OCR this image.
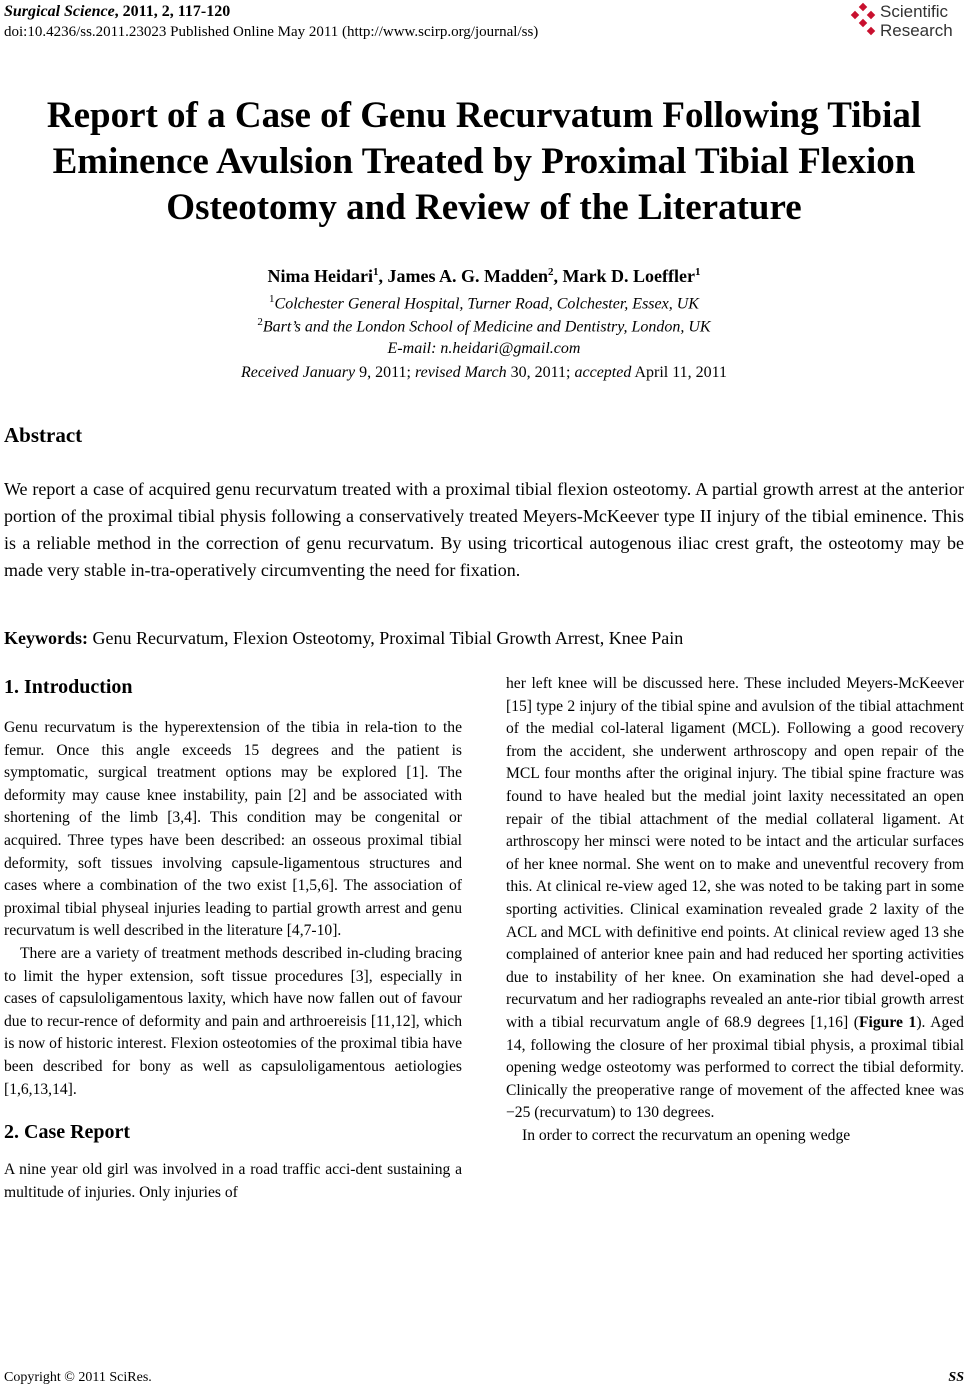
Surgical Science, 2011, 2, 117-120
doi:10.4236/ss.2011.23023 Published Online May 2011 (http://www.scirp.org/journal/ss)
Scientific
Research
Report of a Case of Genu Recurvatum Following Tibial
Eminence Avulsion Treated by Proximal Tibial Flexion
Osteotomy and Review of the Literature
Nima Heidari$^1$, James A. G. Madden$^2$, Mark D. Loeffler$^1$
$^1$Colchester General Hospital, Turner Road, Colchester, Essex, UK
$^2$Bart’s and the London School of Medicine and Dentistry, London, UK
E-mail: n.heidari@gmail.com
Received January 9, 2011; revised March 30, 2011; accepted April 11, 2011
Abstract

We report a case of acquired genu recurvatum treated with a proximal tibial flexion osteotomy. A partial growth arrest at the anterior portion of the proximal tibial physis following a conservatively treated Meyers-McKeever type II injury of the tibial eminence. This is a reliable method in the correction of genu recurvatum. By using tricortical autogenous iliac crest graft, the osteotomy may be made very stable in-tra-operatively circumventing the need for fixation.

Keywords: Genu Recurvatum, Flexion Osteotomy, Proximal Tibial Growth Arrest, Knee Pain
1. Introduction

Genu recurvatum is the hyperextension of the tibia in rela-tion to the femur. Once this angle exceeds 15 degrees and the patient is symptomatic, surgical treatment options may be explored [1]. The deformity may cause knee instability, pain [2] and be associated with shortening of the limb [3,4]. This condition may be congenital or acquired. Three types have been described: an osseous proximal tibial deformity, soft tissues involving capsule-ligamentous structures and cases where a combination of the two exist [1,5,6]. The association of proximal tibial physeal injuries leading to partial growth arrest and genu recurvatum is well described in the literature [4,7-10].

There are a variety of treatment methods described in-cluding bracing to limit the hyper extension, soft tissue procedures [3], especially in cases of capsuloligamentous laxity, which have now fallen out of favour due to recur-rence of deformity and pain and arthroereisis [11,12], which is now of historic interest. Flexion osteotomies of the proximal tibia have been described for bony as well as capsuloligamentous aetiologies [1,6,13,14].

2. Case Report

A nine year old girl was involved in a road traffic acci-dent sustaining a multitude of injuries. Only injuries of

her left knee will be discussed here. These included Meyers-McKeever [15] type 2 injury of the tibial spine and avulsion of the tibial attachment of the medial col-lateral ligament (MCL). Following a good recovery from the accident, she underwent arthroscopy and open repair of the MCL four months after the original injury. The tibial spine fracture was found to have healed but the medial joint laxity necessitated an open repair of the tibial attachment of the medial collateral ligament. At arthroscopy her minsci were noted to be intact and the articular surfaces of her knee normal. She went on to make and uneventful recovery from this. At clinical re-view aged 12, she was noted to be taking part in some sporting activities. Clinical examination revealed grade 2 laxity of the ACL and MCL with definitive end points. At clinical review aged 13 she complained of anterior knee pain and had reduced her sporting activities due to instability of her knee. On examination she had devel-oped a recurvatum and her radiographs revealed an ante-rior tibial growth arrest with a tibial recurvatum angle of 68.9 degrees [1,16] (Figure 1). Aged 14, following the closure of her proximal tibial physis, a proximal tibial opening wedge osteotomy was performed to correct the tibial deformity. Clinically the preoperative range of movement of the affected knee was −25 (recurvatum) to 130 degrees.

In order to correct the recurvatum an opening wedge

Copyright © 2011 SciRes.	SS
